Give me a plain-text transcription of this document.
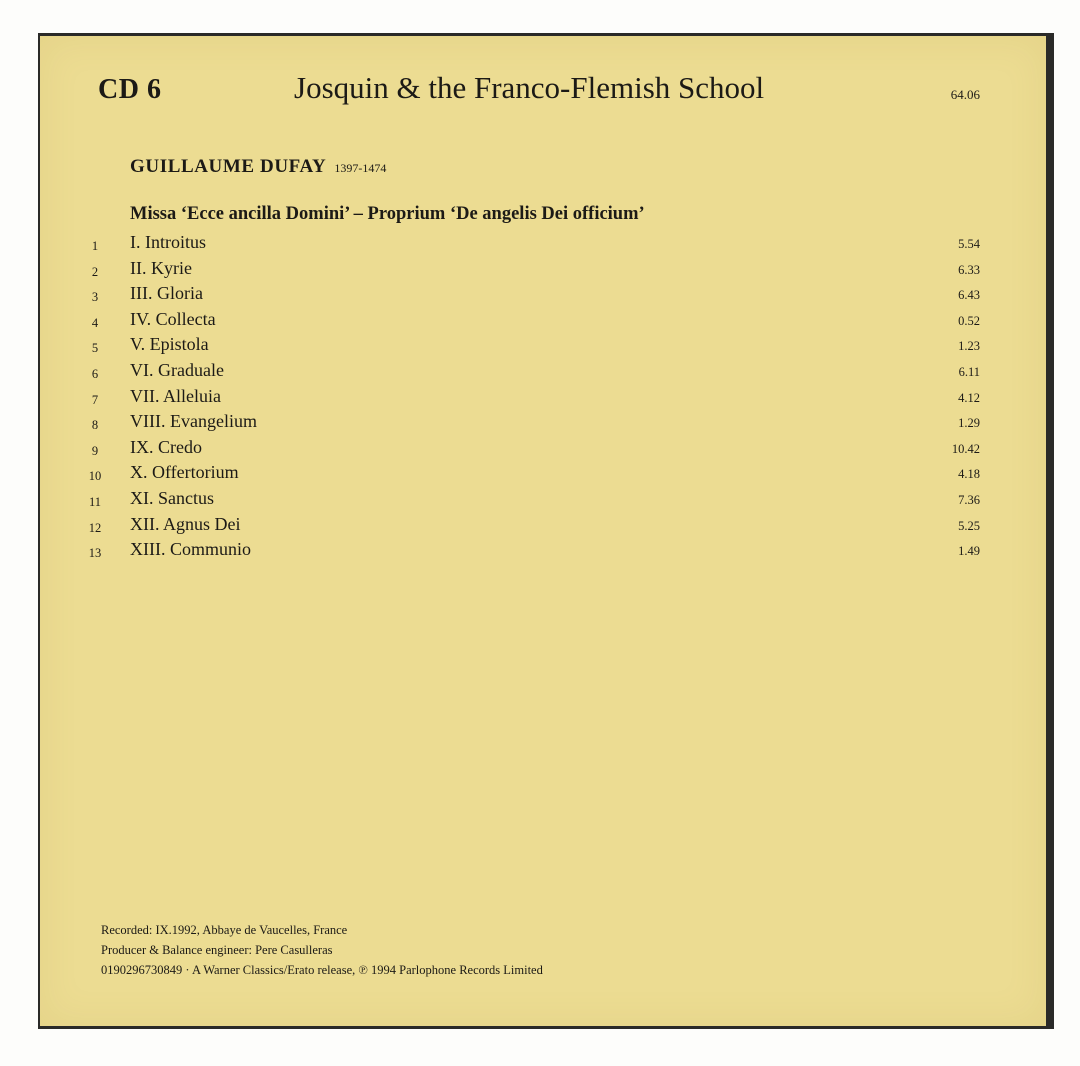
CD 6	Josquin & the Franco-Flemish School	64.06
GUILLAUME DUFAY 1397-1474
Missa ‘Ecce ancilla Domini’ – Proprium ‘De angelis Dei officium’
1	I. Introitus	5.54
2	II. Kyrie	6.33
3	III. Gloria	6.43
4	IV. Collecta	0.52
5	V. Epistola	1.23
6	VI. Graduale	6.11
7	VII. Alleluia	4.12
8	VIII. Evangelium	1.29
9	IX. Credo	10.42
10	X. Offertorium	4.18
11	XI. Sanctus	7.36
12	XII. Agnus Dei	5.25
13	XIII. Communio	1.49
Recorded: IX.1992, Abbaye de Vaucelles, France
Producer & Balance engineer: Pere Casulleras
0190296730849 · A Warner Classics/Erato release, ℗ 1994 Parlophone Records Limited
